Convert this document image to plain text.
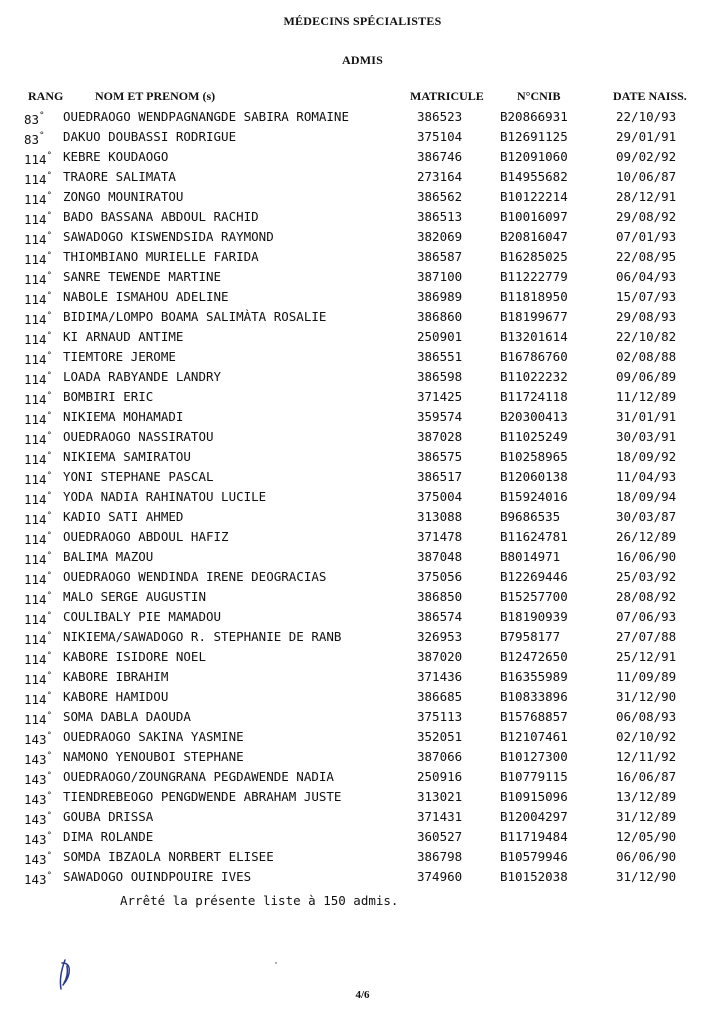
MÉDECINS SPÉCIALISTES
ADMIS
RANG	NOM ET PRENOM (s)	MATRICULE	N°CNIB	DATE NAISS.
83° OUEDRAOGO WENDPAGNANGDE SABIRA ROMAINE	386523	B20866931	22/10/93
83° DAKUO DOUBASSI RODRIGUE	375104	B12691125	29/01/91
114° KEBRE KOUDAOGO	386746	B12091060	09/02/92
114° TRAORE SALIMATA	273164	B14955682	10/06/87
114° ZONGO MOUNIRATOU	386562	B10122214	28/12/91
114° BADO BASSANA ABDOUL RACHID	386513	B10016097	29/08/92
114° SAWADOGO KISWENDSIDA RAYMOND	382069	B20816047	07/01/93
114° THIOMBIANO MURIELLE FARIDA	386587	B16285025	22/08/95
114° SANRE TEWENDE MARTINE	387100	B11222779	06/04/93
114° NABOLE ISMAHOU ADELINE	386989	B11818950	15/07/93
114° BIDIMA/LOMPO BOAMA SALIMÀTA ROSALIE	386860	B18199677	29/08/93
114° KI ARNAUD ANTIME	250901	B13201614	22/10/82
114° TIEMTORE JEROME	386551	B16786760	02/08/88
114° LOADA RABYANDE LANDRY	386598	B11022232	09/06/89
114° BOMBIRI ERIC	371425	B11724118	11/12/89
114° NIKIEMA MOHAMADI	359574	B20300413	31/01/91
114° OUEDRAOGO NASSIRATOU	387028	B11025249	30/03/91
114° NIKIEMA SAMIRATOU	386575	B10258965	18/09/92
114° YONI STEPHANE PASCAL	386517	B12060138	11/04/93
114° YODA NADIA RAHINATOU LUCILE	375004	B15924016	18/09/94
114° KADIO SATI AHMED	313088	B9686535	30/03/87
114° OUEDRAOGO ABDOUL HAFIZ	371478	B11624781	26/12/89
114° BALIMA MAZOU	387048	B8014971	16/06/90
114° OUEDRAOGO WENDINDA IRENE DEOGRACIAS	375056	B12269446	25/03/92
114° MALO SERGE AUGUSTIN	386850	B15257700	28/08/92
114° COULIBALY PIE MAMADOU	386574	B18190939	07/06/93
114° NIKIEMA/SAWADOGO R. STEPHANIE DE RANB	326953	B7958177	27/07/88
114° KABORE ISIDORE NOEL	387020	B12472650	25/12/91
114° KABORE IBRAHIM	371436	B16355989	11/09/89
114° KABORE HAMIDOU	386685	B10833896	31/12/90
114° SOMA DABLA DAOUDA	375113	B15768857	06/08/93
143° OUEDRAOGO SAKINA YASMINE	352051	B12107461	02/10/92
143° NAMONO YENOUBOI STEPHANE	387066	B10127300	12/11/92
143° OUEDRAOGO/ZOUNGRANA PEGDAWENDE NADIA	250916	B10779115	16/06/87
143° TIENDREBEOGO PENGDWENDE ABRAHAM JUSTE	313021	B10915096	13/12/89
143° GOUBA DRISSA	371431	B12004297	31/12/89
143° DIMA ROLANDE	360527	B11719484	12/05/90
143° SOMDA IBZAOLA NORBERT ELISEE	386798	B10579946	06/06/90
143° SAWADOGO OUINDPOUIRE IVES	374960	B10152038	31/12/90
Arrêté la présente liste à 150 admis.
4/6
